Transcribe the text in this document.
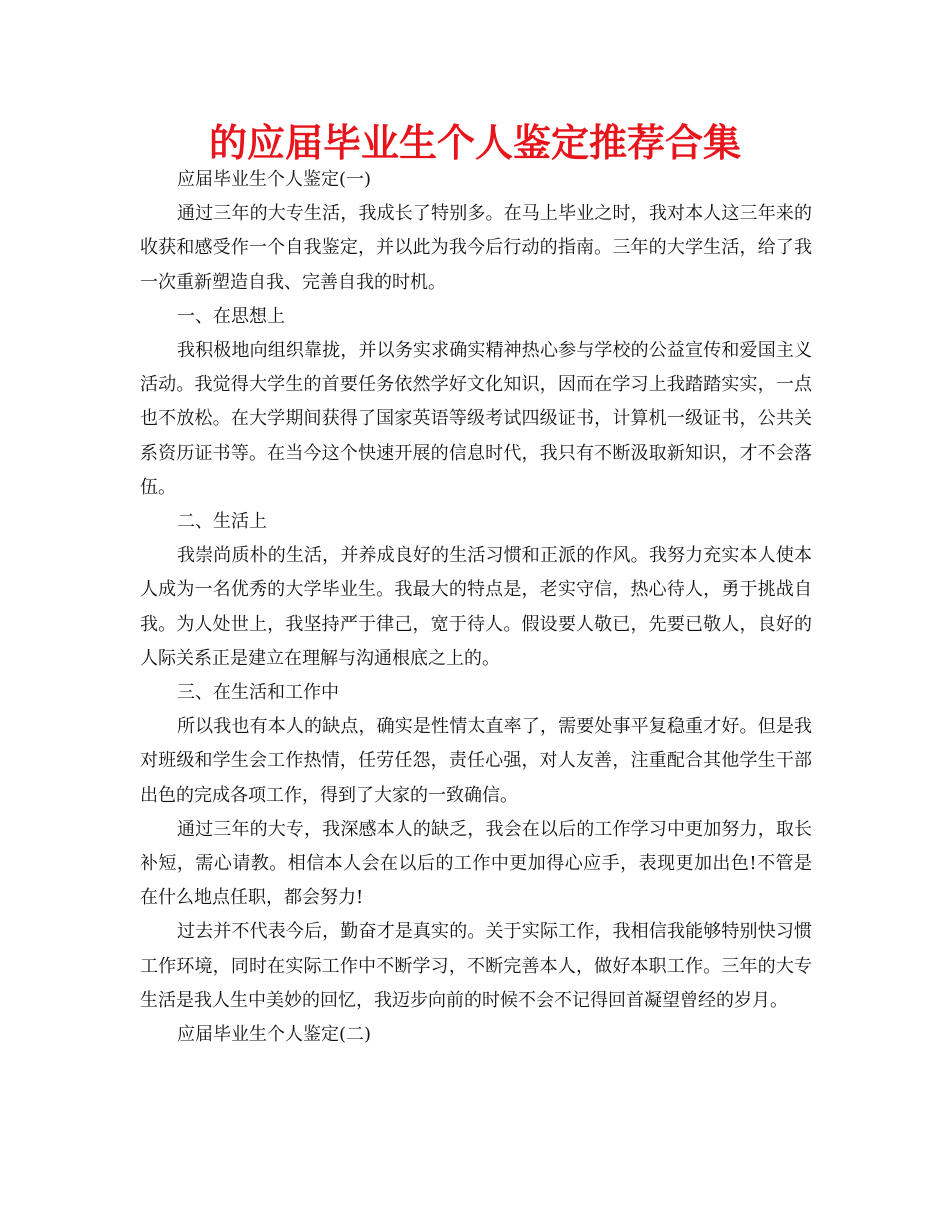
的应届毕业生个人鉴定推荐合集

应届毕业生个人鉴定(一)

通过三年的大专生活，我成长了特别多。在马上毕业之时，我对本人这三年来的收获和感受作一个自我鉴定，并以此为我今后行动的指南。三年的大学生活，给了我一次重新塑造自我、完善自我的时机。

一、在思想上

我积极地向组织靠拢，并以务实求确实精神热心参与学校的公益宣传和爱国主义活动。我觉得大学生的首要任务依然学好文化知识，因而在学习上我踏踏实实，一点也不放松。在大学期间获得了国家英语等级考试四级证书，计算机一级证书，公共关系资历证书等。在当今这个快速开展的信息时代，我只有不断汲取新知识，才不会落伍。

二、生活上

我崇尚质朴的生活，并养成良好的生活习惯和正派的作风。我努力充实本人使本人成为一名优秀的大学毕业生。我最大的特点是，老实守信，热心待人，勇于挑战自我。为人处世上，我坚持严于律己，宽于待人。假设要人敬已，先要已敬人，良好的人际关系正是建立在理解与沟通根底之上的。

三、在生活和工作中

所以我也有本人的缺点，确实是性情太直率了，需要处事平复稳重才好。但是我对班级和学生会工作热情，任劳任怨，责任心强，对人友善，注重配合其他学生干部出色的完成各项工作，得到了大家的一致确信。

通过三年的大专，我深感本人的缺乏，我会在以后的工作学习中更加努力，取长补短，需心请教。相信本人会在以后的工作中更加得心应手，表现更加出色!不管是在什么地点任职，都会努力!

过去并不代表今后，勤奋才是真实的。关于实际工作，我相信我能够特别快习惯工作环境，同时在实际工作中不断学习，不断完善本人，做好本职工作。三年的大专生活是我人生中美妙的回忆，我迈步向前的时候不会不记得回首凝望曾经的岁月。

应届毕业生个人鉴定(二)
